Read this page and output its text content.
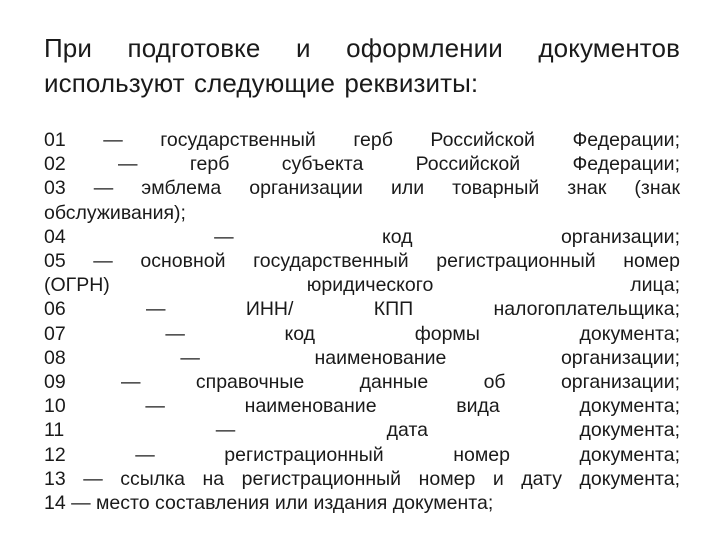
При подготовке и оформлении документов
используют следующие реквизиты:
01 — государственный герб Российской Федерации;
02 — герб субъекта Российской Федерации;
03 — эмблема организации или товарный знак (знак
обслуживания);
04 — код организации;
05 — основной государственный регистрационный номер
(ОГРН) юридического лица;
06 — ИНН/ КПП налогоплательщика;
07 — код формы документа;
08 — наименование организации;
09 — справочные данные об организации;
10 — наименование вида документа;
11 — дата документа;
12 — регистрационный номер документа;
13 — ссылка на регистрационный номер и дату документа;
14 — место составления или издания документа;
